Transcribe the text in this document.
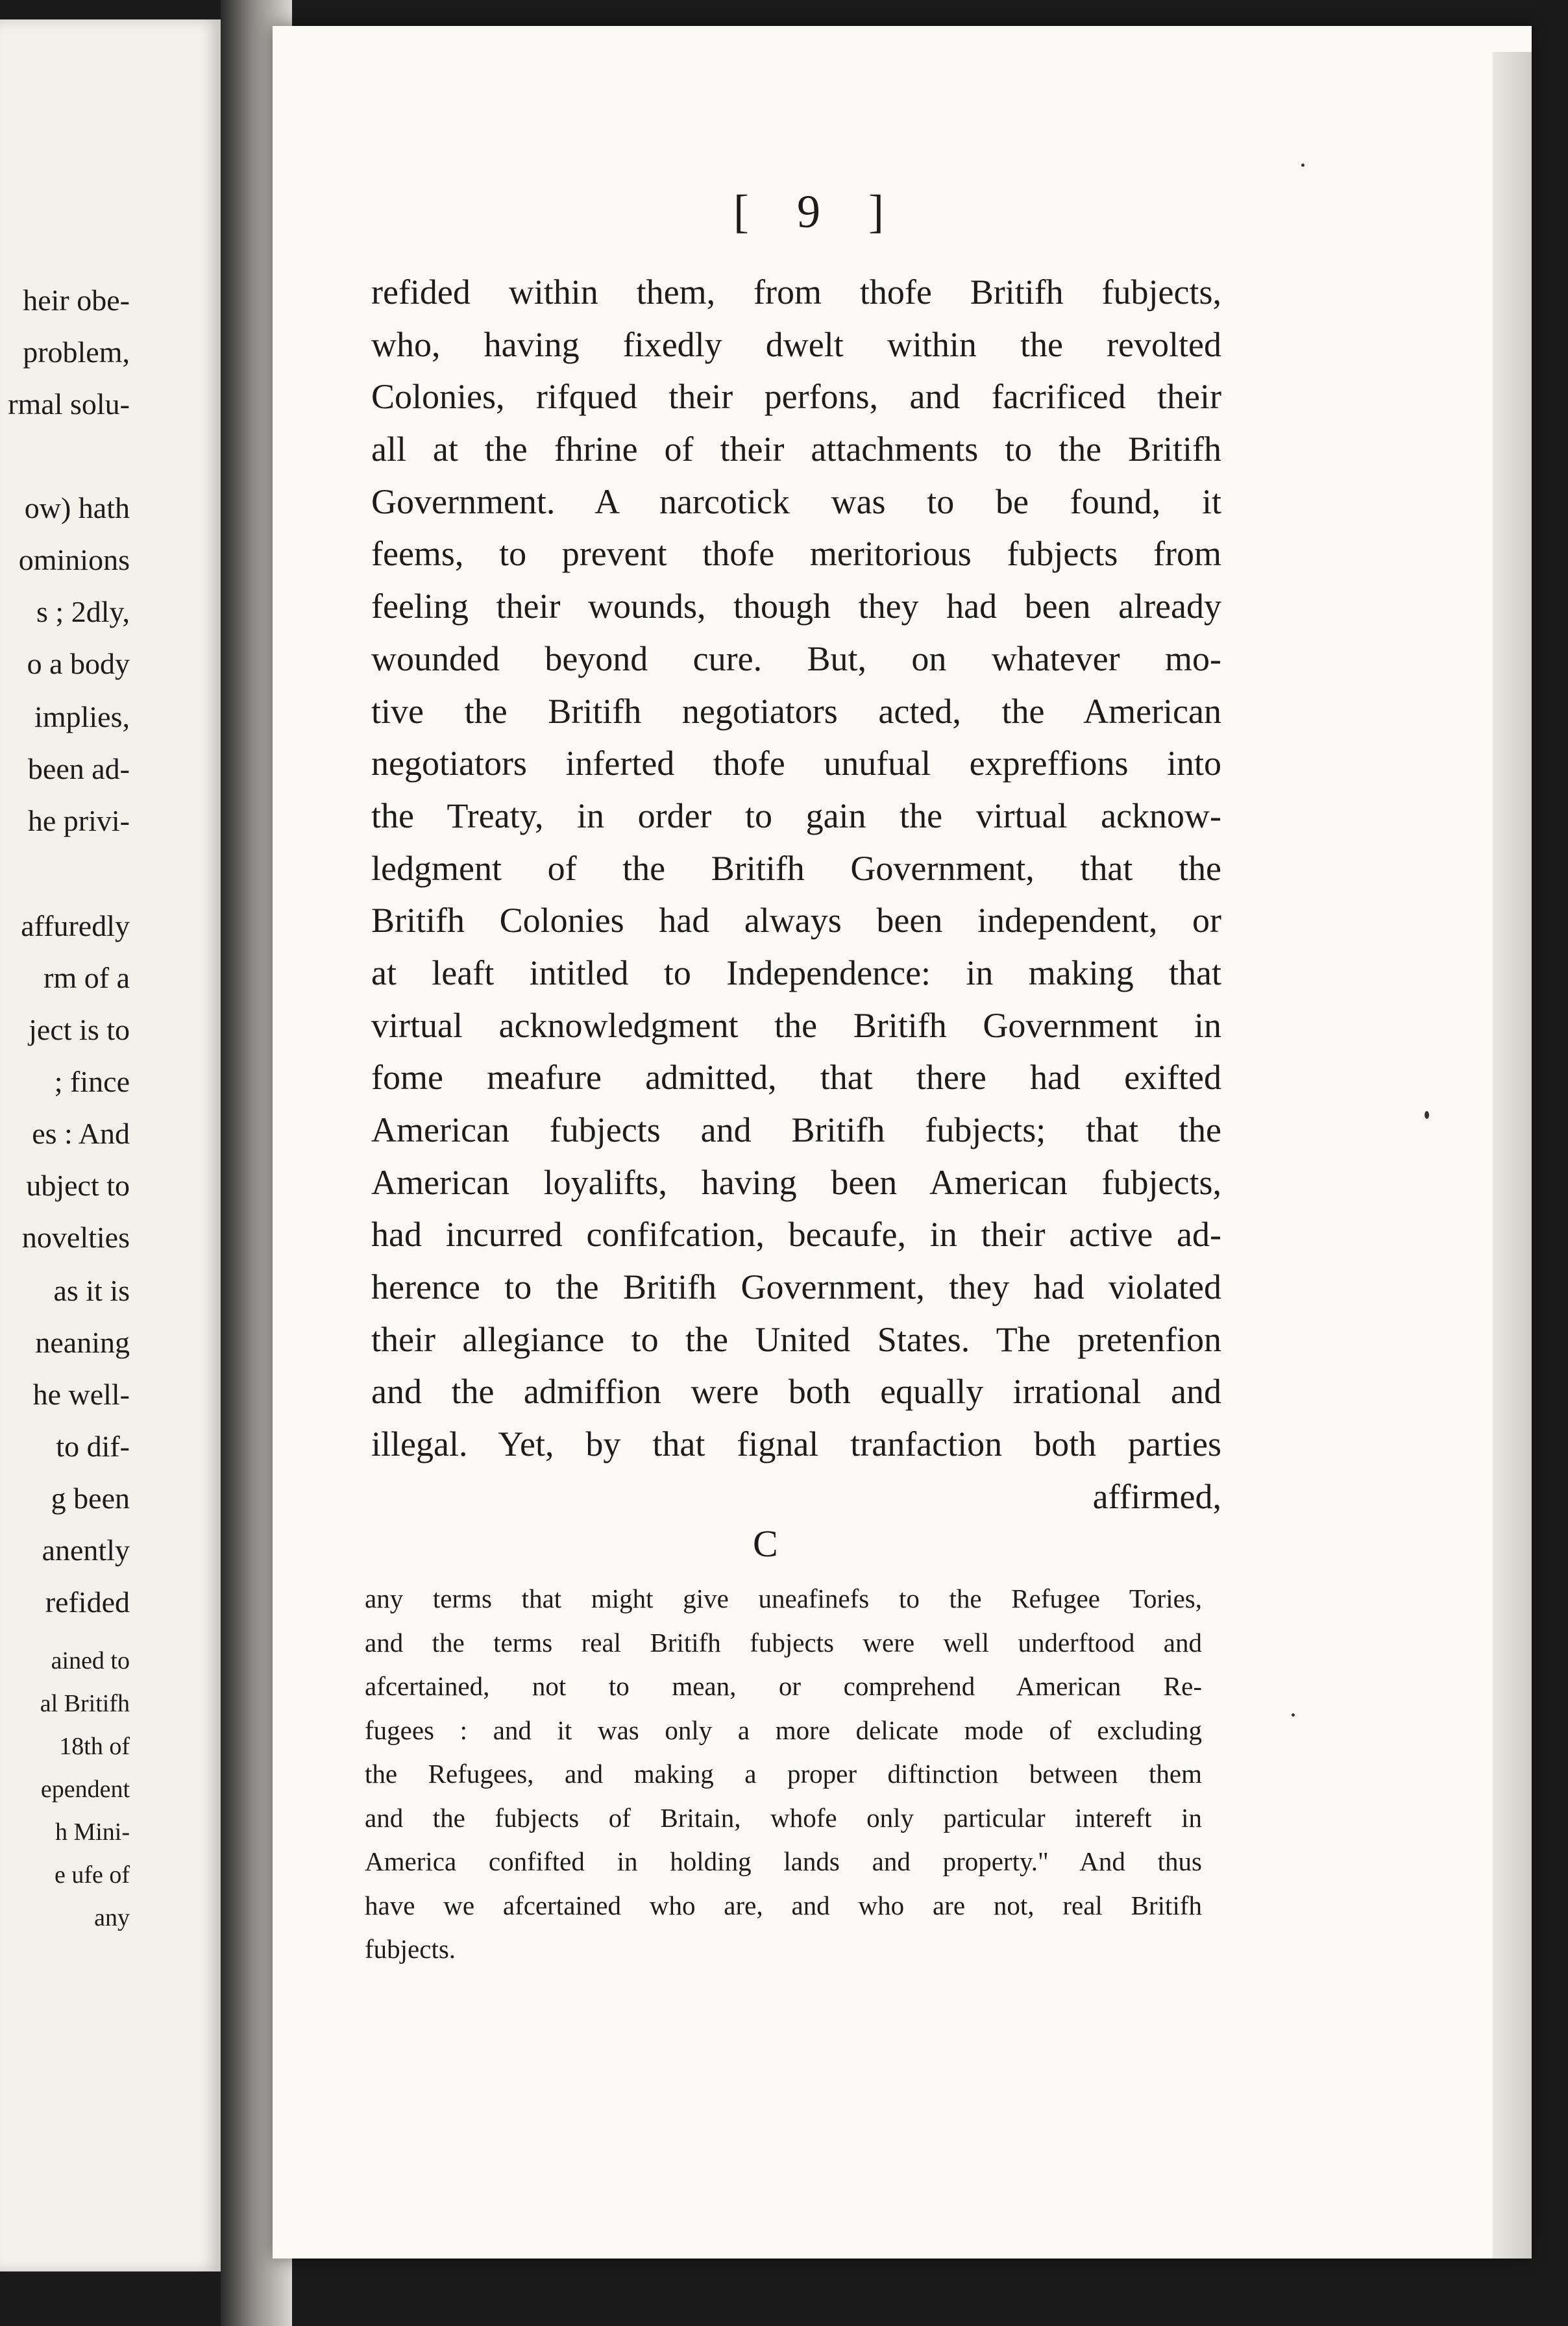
heir obe-
problem,
rmal solu-
ow) hath
ominions
s ; 2dly,
o a body
implies,
been ad-
he privi-
affuredly
rm of a
ject is to
; fince
es : And
ubject to
novelties
as it is
neaning
he well-
to dif-
g been
anently
refided
ained to
al Britifh
18th of
ependent
h Mini-
e ufe of
any
[ 9 ]
refided within them, from thofe Britifh fubjects,
who, having fixedly dwelt within the revolted
Colonies, rifqued their perfons, and facrificed their
all at the fhrine of their attachments to the Britifh
Government. A narcotick was to be found, it
feems, to prevent thofe meritorious fubjects from
feeling their wounds, though they had been already
wounded beyond cure. But, on whatever mo-
tive the Britifh negotiators acted, the American
negotiators inferted thofe unufual expreffions into
the Treaty, in order to gain the virtual acknow-
ledgment of the Britifh Government, that the
Britifh Colonies had always been independent, or
at leaft intitled to Independence: in making that
virtual acknowledgment the Britifh Government in
fome meafure admitted, that there had exifted
American fubjects and Britifh fubjects; that the
American loyalifts, having been American fubjects,
had incurred confifcation, becaufe, in their active ad-
herence to the Britifh Government, they had violated
their allegiance to the United States. The pretenfion
and the admiffion were both equally irrational and
illegal. Yet, by that fignal tranfaction both parties
affirmed,
C
any terms that might give uneafinefs to the Refugee Tories,
and the terms real Britifh fubjects were well underftood and
afcertained, not to mean, or comprehend American Re-
fugees : and it was only a more delicate mode of excluding
the Refugees, and making a proper diftinction between them
and the fubjects of Britain, whofe only particular intereft in
America confifted in holding lands and property." And thus
have we afcertained who are, and who are not, real Britifh
fubjects.
